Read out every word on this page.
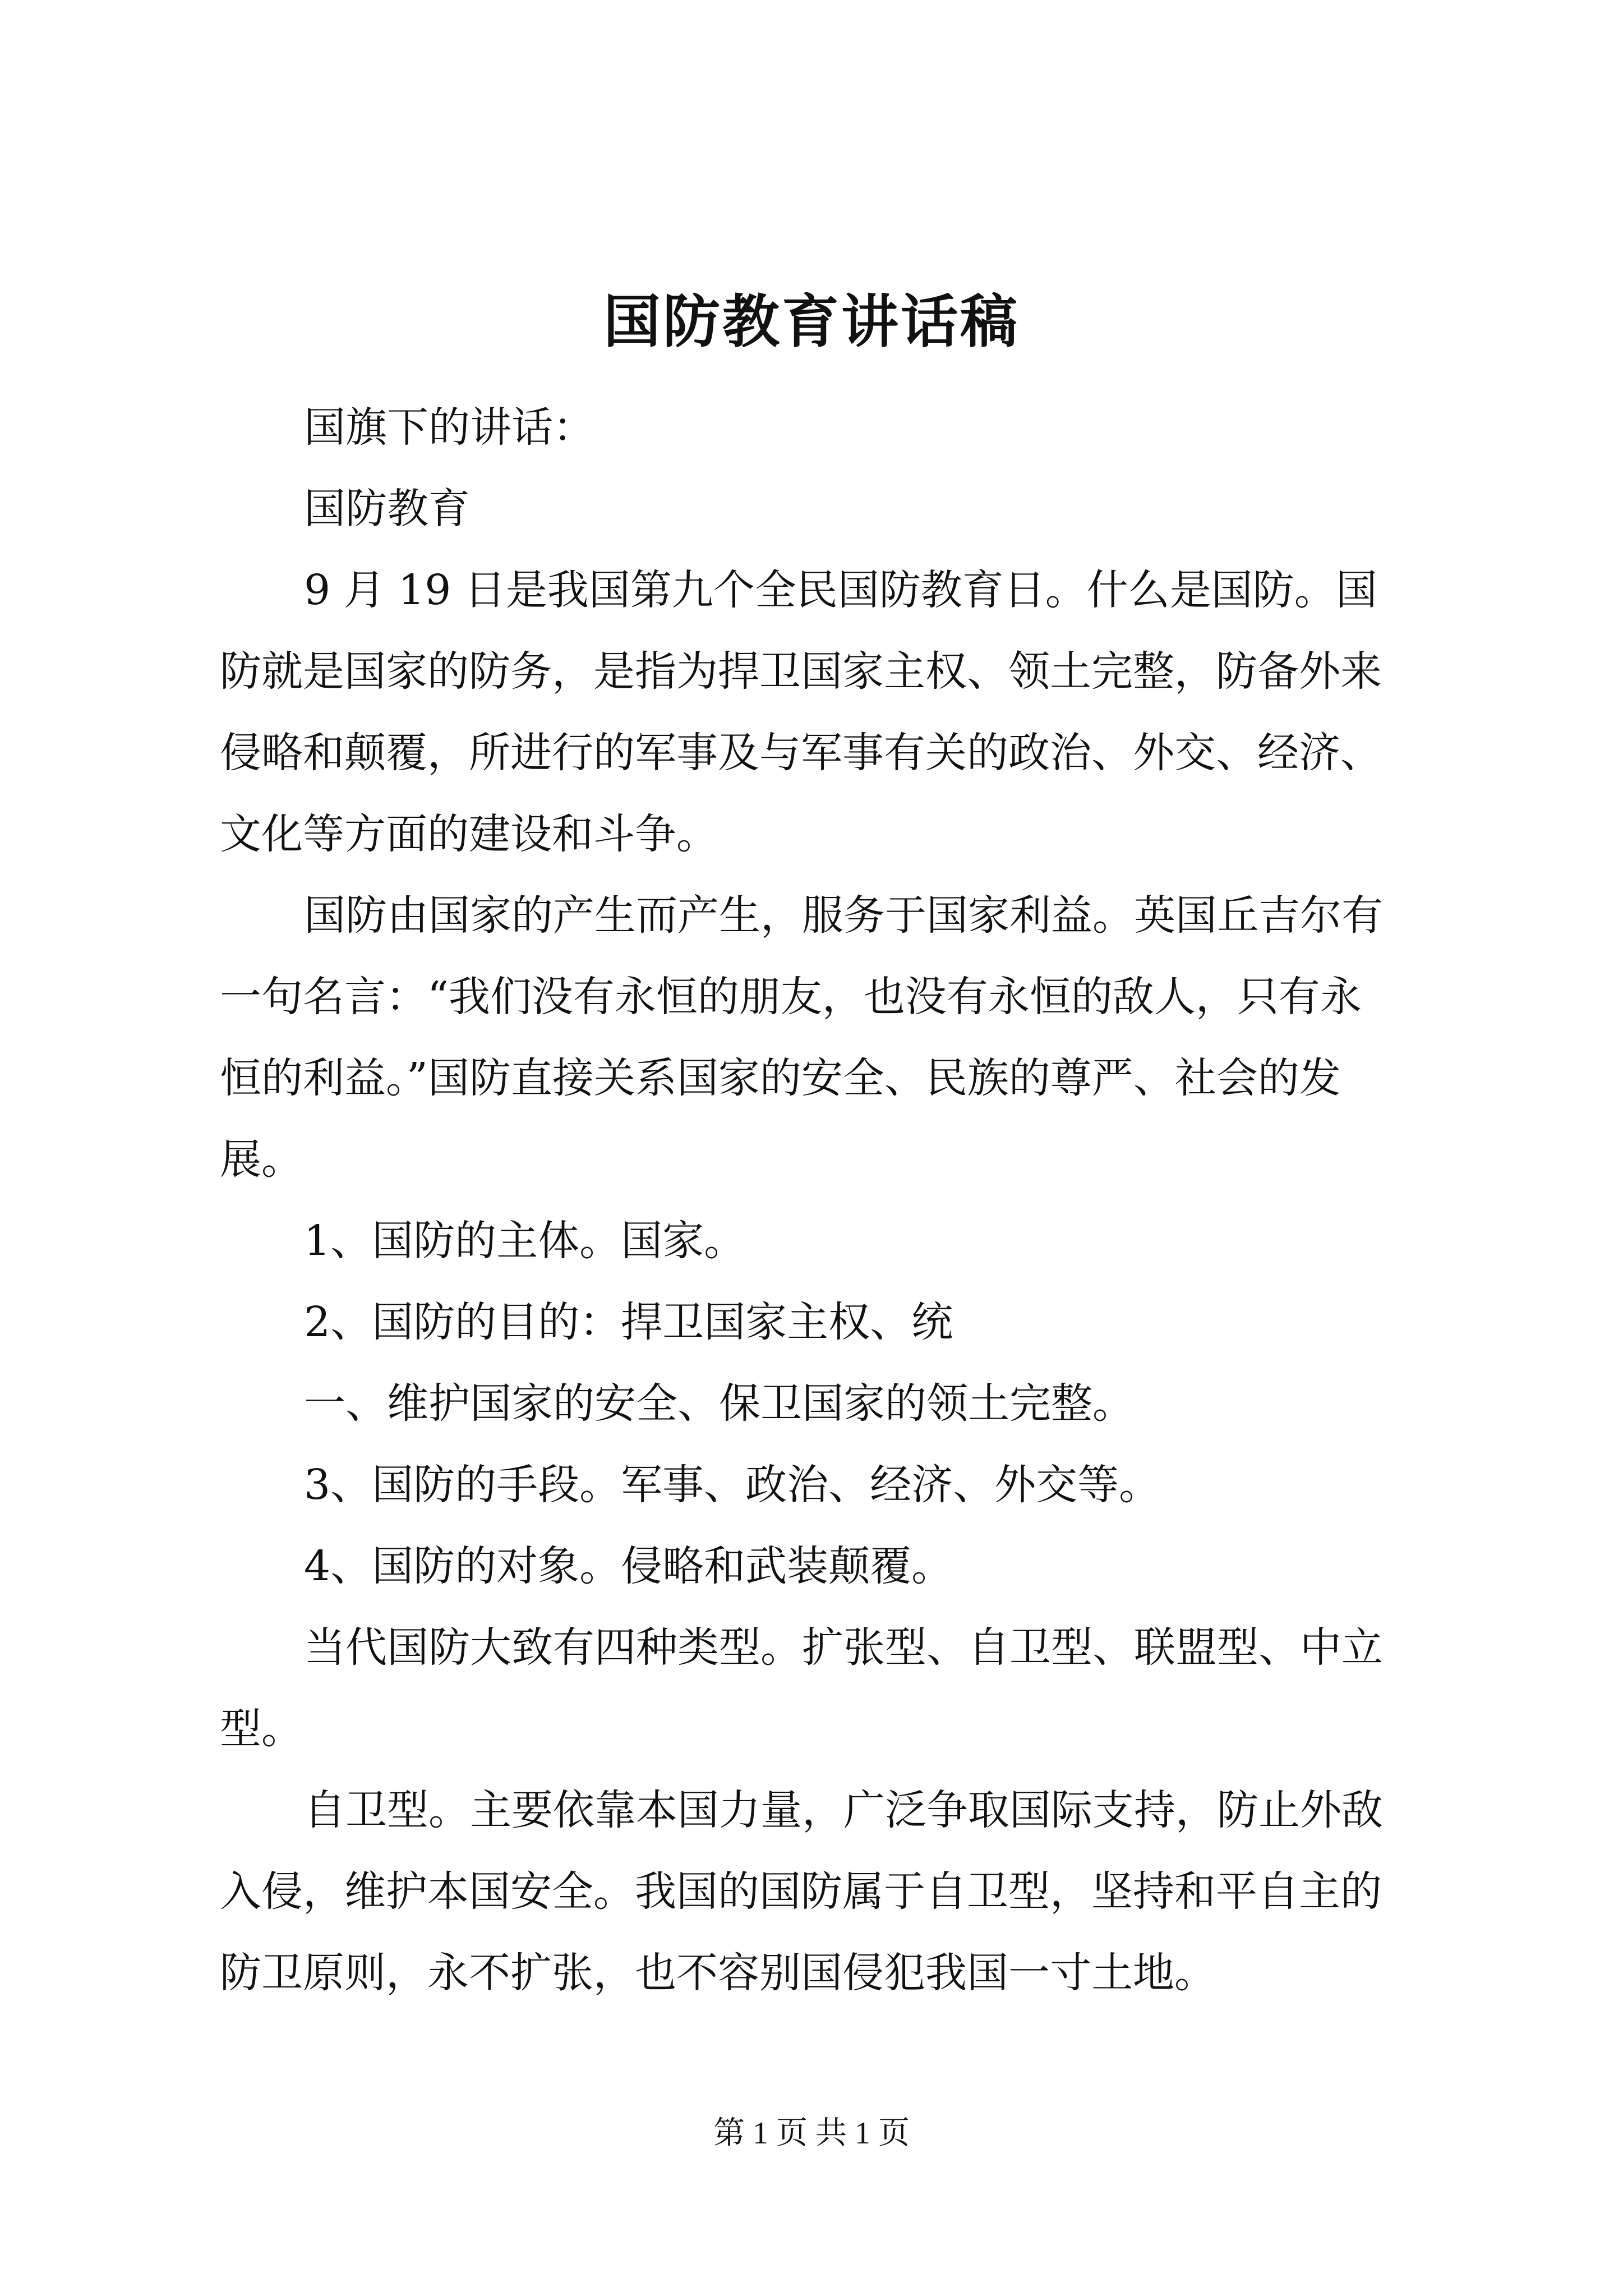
国防教育讲话稿
国旗下的讲话：
国防教育
9 月 19 日是我国第九个全民国防教育日。什么是国防。国
防就是国家的防务，是指为捍卫国家主权、领土完整，防备外来
侵略和颠覆，所进行的军事及与军事有关的政治、外交、经济、
文化等方面的建设和斗争。
国防由国家的产生而产生，服务于国家利益。英国丘吉尔有
一句名言：“我们没有永恒的朋友，也没有永恒的敌人，只有永
恒的利益。”国防直接关系国家的安全、民族的尊严、社会的发
展。
1、国防的主体。国家。
2、国防的目的：捍卫国家主权、统
一、维护国家的安全、保卫国家的领土完整。
3、国防的手段。军事、政治、经济、外交等。
4、国防的对象。侵略和武装颠覆。
当代国防大致有四种类型。扩张型、自卫型、联盟型、中立
型。
自卫型。主要依靠本国力量，广泛争取国际支持，防止外敌
入侵，维护本国安全。我国的国防属于自卫型，坚持和平自主的
防卫原则，永不扩张，也不容别国侵犯我国一寸土地。
第 1 页 共 1 页
